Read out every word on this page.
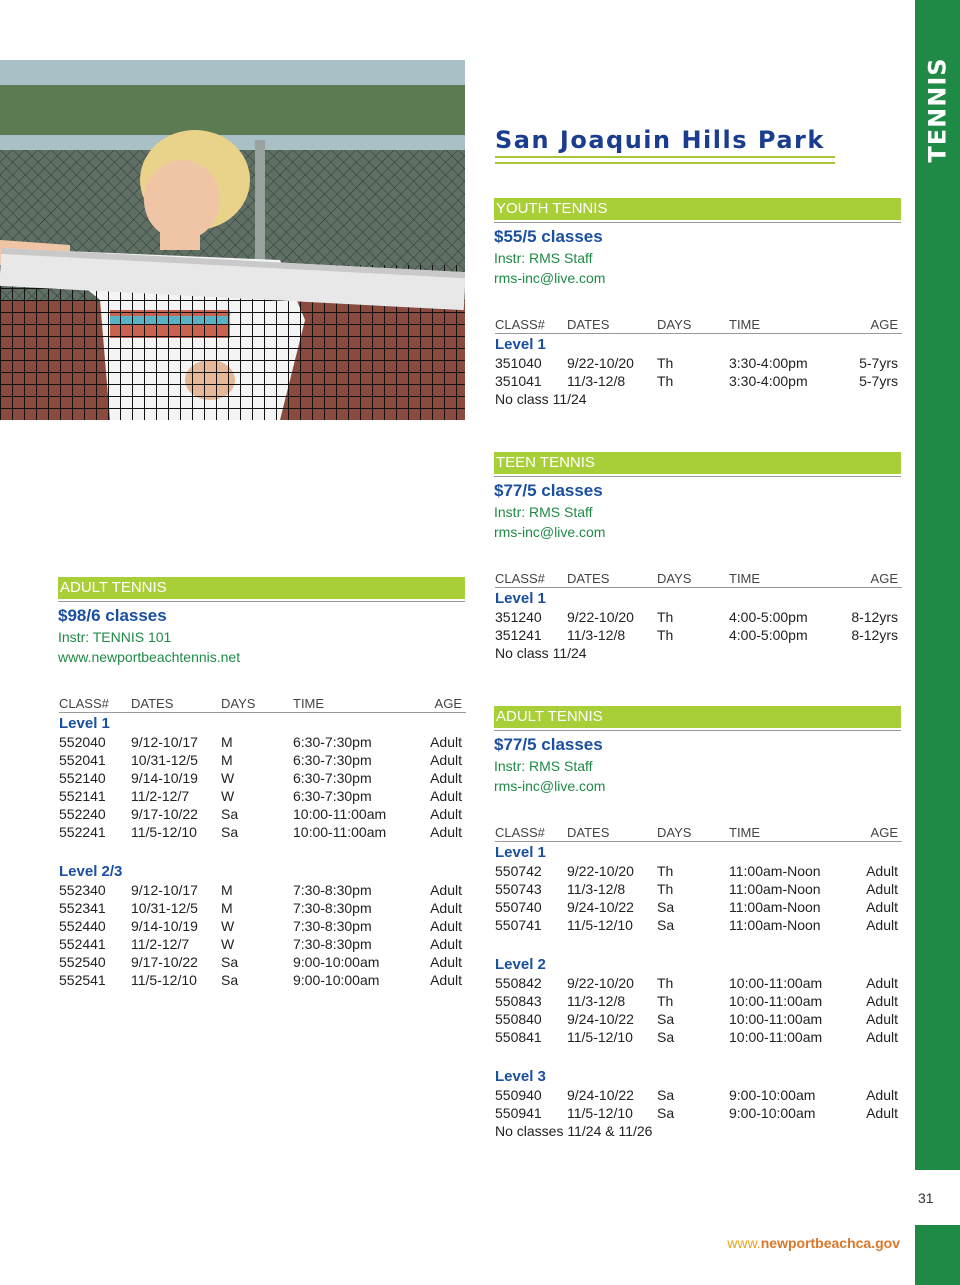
TENNIS
San Joaquin Hills Park
YOUTH TENNIS
$55/5 classes
Instr: RMS Staff
rms-inc@live.com
CLASS# DATES	DAYS	TIME	AGE
Level 1
351040 9/22-10/20 Th	3:30-4:00pm	5-7yrs
351041 11/3-12/8 Th	3:30-4:00pm	5-7yrs
No class 11/24
TEEN TENNIS
$77/5 classes
Instr: RMS Staff
rms-inc@live.com
CLASS# DATES	DAYS	TIME	AGE
Level 1
351240 9/22-10/20 Th	4:00-5:00pm	8-12yrs
351241 11/3-12/8 Th	4:00-5:00pm	8-12yrs
No class 11/24
ADULT TENNIS
$98/6 classes
Instr: TENNIS 101
www.newportbeachtennis.net
CLASS# DATES	DAYS	TIME	AGE
Level 1
552040 9/12-10/17 M	6:30-7:30pm	Adult
552041 10/31-12/5 M	6:30-7:30pm	Adult
552140 9/14-10/19 W	6:30-7:30pm	Adult
552141 11/2-12/7 W	6:30-7:30pm	Adult
552240 9/17-10/22 Sa	10:00-11:00am	Adult
552241 11/5-12/10 Sa	10:00-11:00am	Adult
Level 2/3
552340 9/12-10/17 M	7:30-8:30pm	Adult
552341 10/31-12/5 M	7:30-8:30pm	Adult
552440 9/14-10/19 W	7:30-8:30pm	Adult
552441 11/2-12/7 W	7:30-8:30pm	Adult
552540 9/17-10/22 Sa	9:00-10:00am	Adult
552541 11/5-12/10 Sa	9:00-10:00am	Adult
ADULT TENNIS
$77/5 classes
Instr: RMS Staff
rms-inc@live.com
CLASS# DATES	DAYS	TIME	AGE
Level 1
550742 9/22-10/20 Th	11:00am-Noon	Adult
550743 11/3-12/8 Th	11:00am-Noon	Adult
550740 9/24-10/22 Sa	11:00am-Noon	Adult
550741 11/5-12/10 Sa	11:00am-Noon	Adult
Level 2
550842 9/22-10/20 Th	10:00-11:00am	Adult
550843 11/3-12/8 Th	10:00-11:00am	Adult
550840 9/24-10/22 Sa	10:00-11:00am	Adult
550841 11/5-12/10 Sa	10:00-11:00am	Adult
Level 3
550940 9/24-10/22 Sa	9:00-10:00am	Adult
550941 11/5-12/10 Sa	9:00-10:00am	Adult
No classes 11/24 & 11/26
31
www.newportbeachca.gov
